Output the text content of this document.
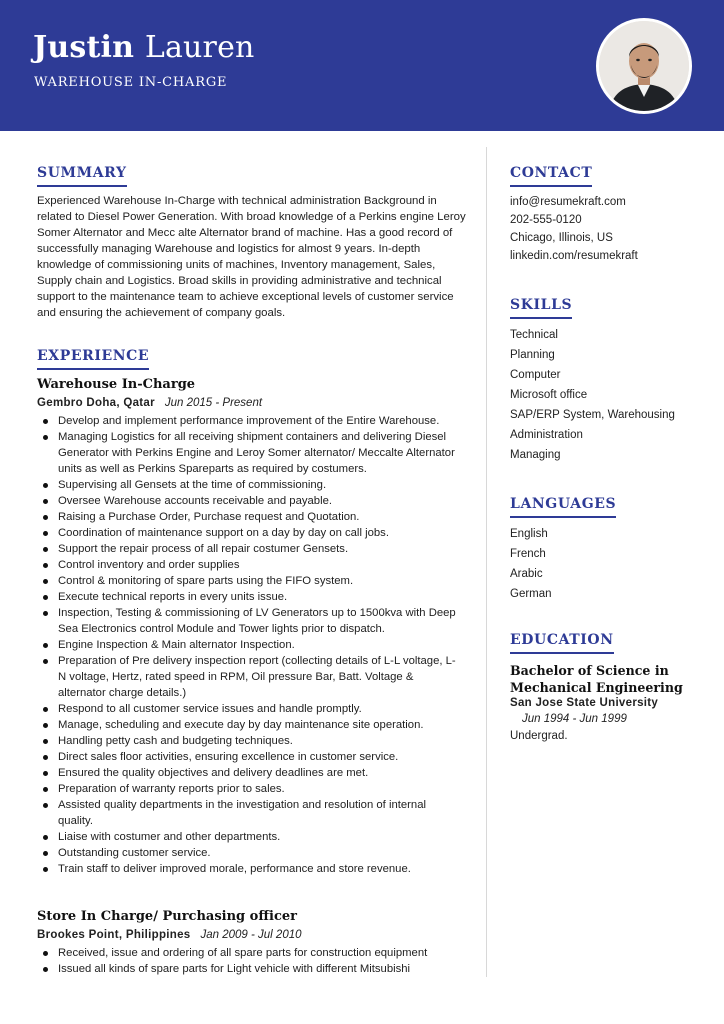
Justin Lauren
WAREHOUSE IN-CHARGE
SUMMARY
Experienced Warehouse In-Charge with technical administration Background in related to Diesel Power Generation. With broad knowledge of a Perkins engine Leroy Somer Alternator and Mecc alte Alternator brand of machine. Has a good record of successfully managing Warehouse and logistics for almost 9 years. In-depth knowledge of commissioning units of machines, Inventory management, Sales, Supply chain and Logistics. Broad skills in providing administrative and technical support to the maintenance team to achieve exceptional levels of customer service and ensuring the achievement of company goals.
EXPERIENCE
Warehouse In-Charge
Gembro Doha, Qatar Jun 2015 - Present
Develop and implement performance improvement of the Entire Warehouse.
Managing Logistics for all receiving shipment containers and delivering Diesel Generator with Perkins Engine and Leroy Somer alternator/ Meccalte Alternator units as well as Perkins Spareparts as required by costumers.
Supervising all Gensets at the time of commissioning.
Oversee Warehouse accounts receivable and payable.
Raising a Purchase Order, Purchase request and Quotation.
Coordination of maintenance support on a day by day on call jobs.
Support the repair process of all repair costumer Gensets.
Control inventory and order supplies
Control & monitoring of spare parts using the FIFO system.
Execute technical reports in every units issue.
Inspection, Testing & commissioning of LV Generators up to 1500kva with Deep Sea Electronics control Module and Tower lights prior to dispatch.
Engine Inspection & Main alternator Inspection.
Preparation of Pre delivery inspection report (collecting details of L-L voltage, L-N voltage, Hertz, rated speed in RPM, Oil pressure Bar, Batt. Voltage & alternator charge details.)
Respond to all customer service issues and handle promptly.
Manage, scheduling and execute day by day maintenance site operation.
Handling petty cash and budgeting techniques.
Direct sales floor activities, ensuring excellence in customer service.
Ensured the quality objectives and delivery deadlines are met.
Preparation of warranty reports prior to sales.
Assisted quality departments in the investigation and resolution of internal quality.
Liaise with costumer and other departments.
Outstanding customer service.
Train staff to deliver improved morale, performance and store revenue.
Store In Charge/ Purchasing officer
Brookes Point, Philippines Jan 2009 - Jul 2010
Received, issue and ordering of all spare parts for construction equipment
Issued all kinds of spare parts for Light vehicle with different Mitsubishi
CONTACT
info@resumekraft.com
202-555-0120
Chicago, Illinois, US
linkedin.com/resumekraft
SKILLS
Technical
Planning
Computer
Microsoft office
SAP/ERP System, Warehousing
Administration
Managing
LANGUAGES
English
French
Arabic
German
EDUCATION
Bachelor of Science in Mechanical Engineering
San Jose State University
Jun 1994 - Jun 1999
Undergrad.
